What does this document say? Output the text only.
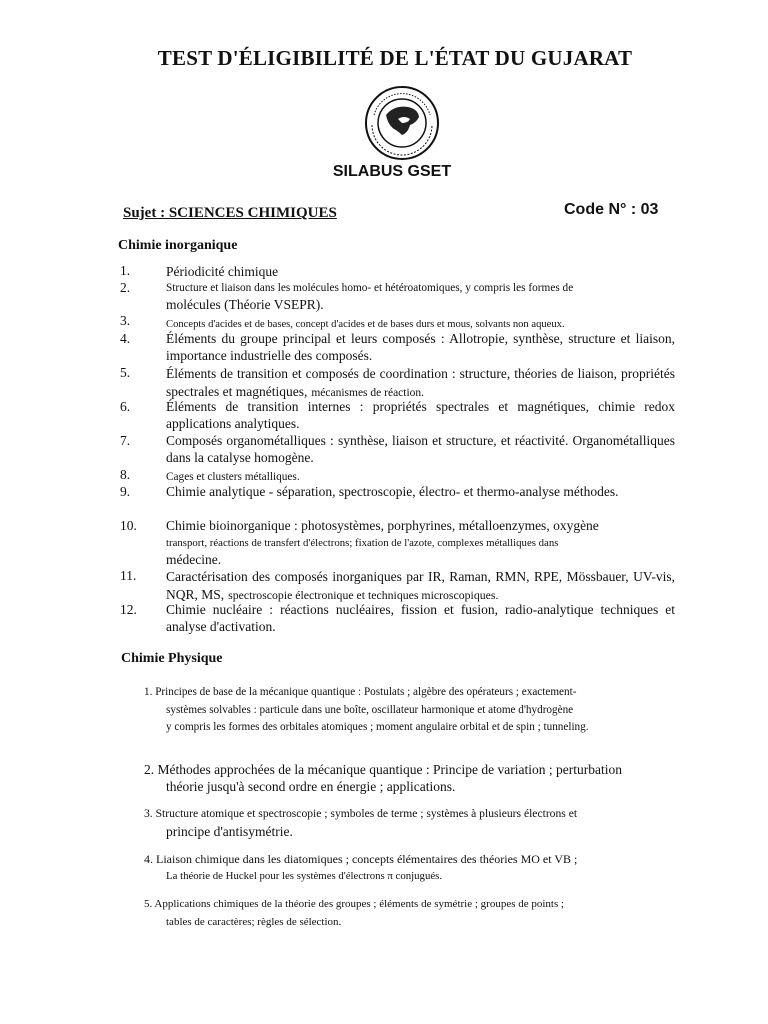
TEST D'ÉLIGIBILITÉ DE L'ÉTAT DU GUJARAT
SILABUS GSET
Sujet : SCIENCES CHIMIQUES	Code N° : 03
Chimie inorganique
1.	Périodicité chimique
2.	Structure et liaison dans les molécules homo- et hétéroatomiques, y compris les formes de
molécules (Théorie VSEPR).
3.	Concepts d'acides et de bases, concept d'acides et de bases durs et mous, solvants non aqueux.
4.	Éléments du groupe principal et leurs composés : Allotropie, synthèse, structure et liaison, importance industrielle des composés.
5.	Éléments de transition et composés de coordination : structure, théories de liaison, propriétés spectrales et magnétiques, mécanismes de réaction.
6.	Éléments de transition internes : propriétés spectrales et magnétiques, chimie redox applications analytiques.
7.	Composés organométalliques : synthèse, liaison et structure, et réactivité. Organométalliques dans la catalyse homogène.
8.	Cages et clusters métalliques.
9.	Chimie analytique - séparation, spectroscopie, électro- et thermo-analyse méthodes.
10. Chimie bioinorganique : photosystèmes, porphyrines, métalloenzymes, oxygène
transport, réactions de transfert d'électrons; fixation de l'azote, complexes métalliques dans
médecine.
11. Caractérisation des composés inorganiques par IR, Raman, RMN, RPE, Mössbauer, UV-vis, NQR, MS, spectroscopie électronique et techniques microscopiques.
12. Chimie nucléaire : réactions nucléaires, fission et fusion, radio-analytique techniques et analyse d'activation.
Chimie Physique
1. Principes de base de la mécanique quantique : Postulats ; algèbre des opérateurs ; exactement-
systèmes solvables : particule dans une boîte, oscillateur harmonique et atome d'hydrogène
y compris les formes des orbitales atomiques ; moment angulaire orbital et de spin ; tunneling.
2. Méthodes approchées de la mécanique quantique : Principe de variation ; perturbation
théorie jusqu'à second ordre en énergie ; applications.
3. Structure atomique et spectroscopie ; symboles de terme ; systèmes à plusieurs électrons et
principe d'antisymétrie.
4. Liaison chimique dans les diatomiques ; concepts élémentaires des théories MO et VB ;
La théorie de Huckel pour les systèmes d'électrons π conjugués.
5. Applications chimiques de la théorie des groupes ; éléments de symétrie ; groupes de points ;
tables de caractères; règles de sélection.
